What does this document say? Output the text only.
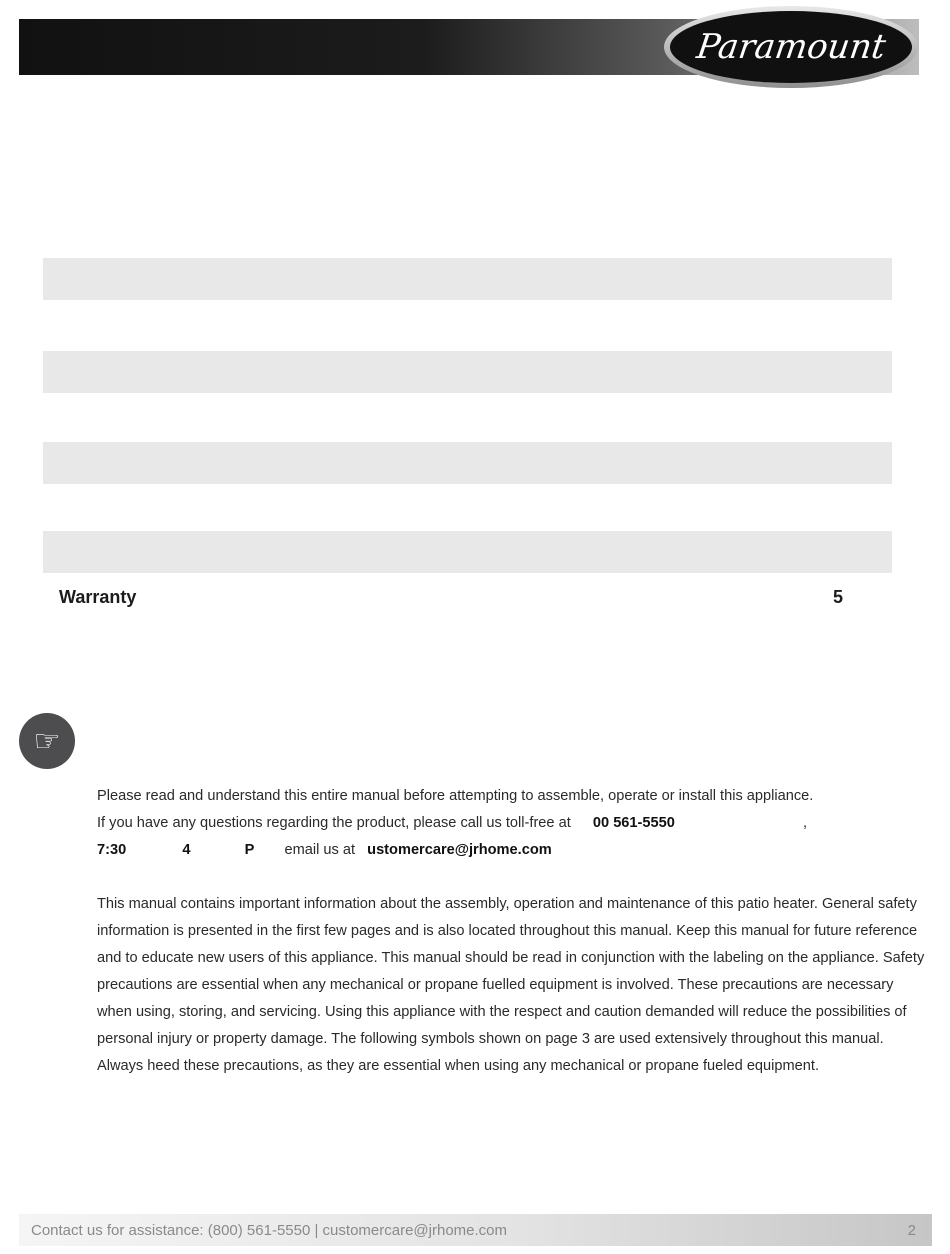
Paramount
Warranty	5
☞
Please read and understand this entire manual before attempting to assemble, operate or install this appliance.
If you have any questions regarding the product, please call us toll-free at 00 561-5550	,
7:30	4	P email us at ustomercare@jrhome.com
This manual contains important information about the assembly, operation and maintenance of this patio heater. General safety information is presented in the first few pages and is also located throughout this manual. Keep this manual for future reference and to educate new users of this appliance. This manual should be read in conjunction with the labeling on the appliance. Safety precautions are essential when any mechanical or propane fuelled equipment is involved. These precautions are necessary when using, storing, and servicing. Using this appliance with the respect and caution demanded will reduce the possibilities of personal injury or property damage. The following symbols shown on page 3 are used extensively throughout this manual. Always heed these precautions, as they are essential when using any mechanical or propane fueled equipment.
Contact us for assistance: (800) 561-5550 | customercare@jrhome.com	2
